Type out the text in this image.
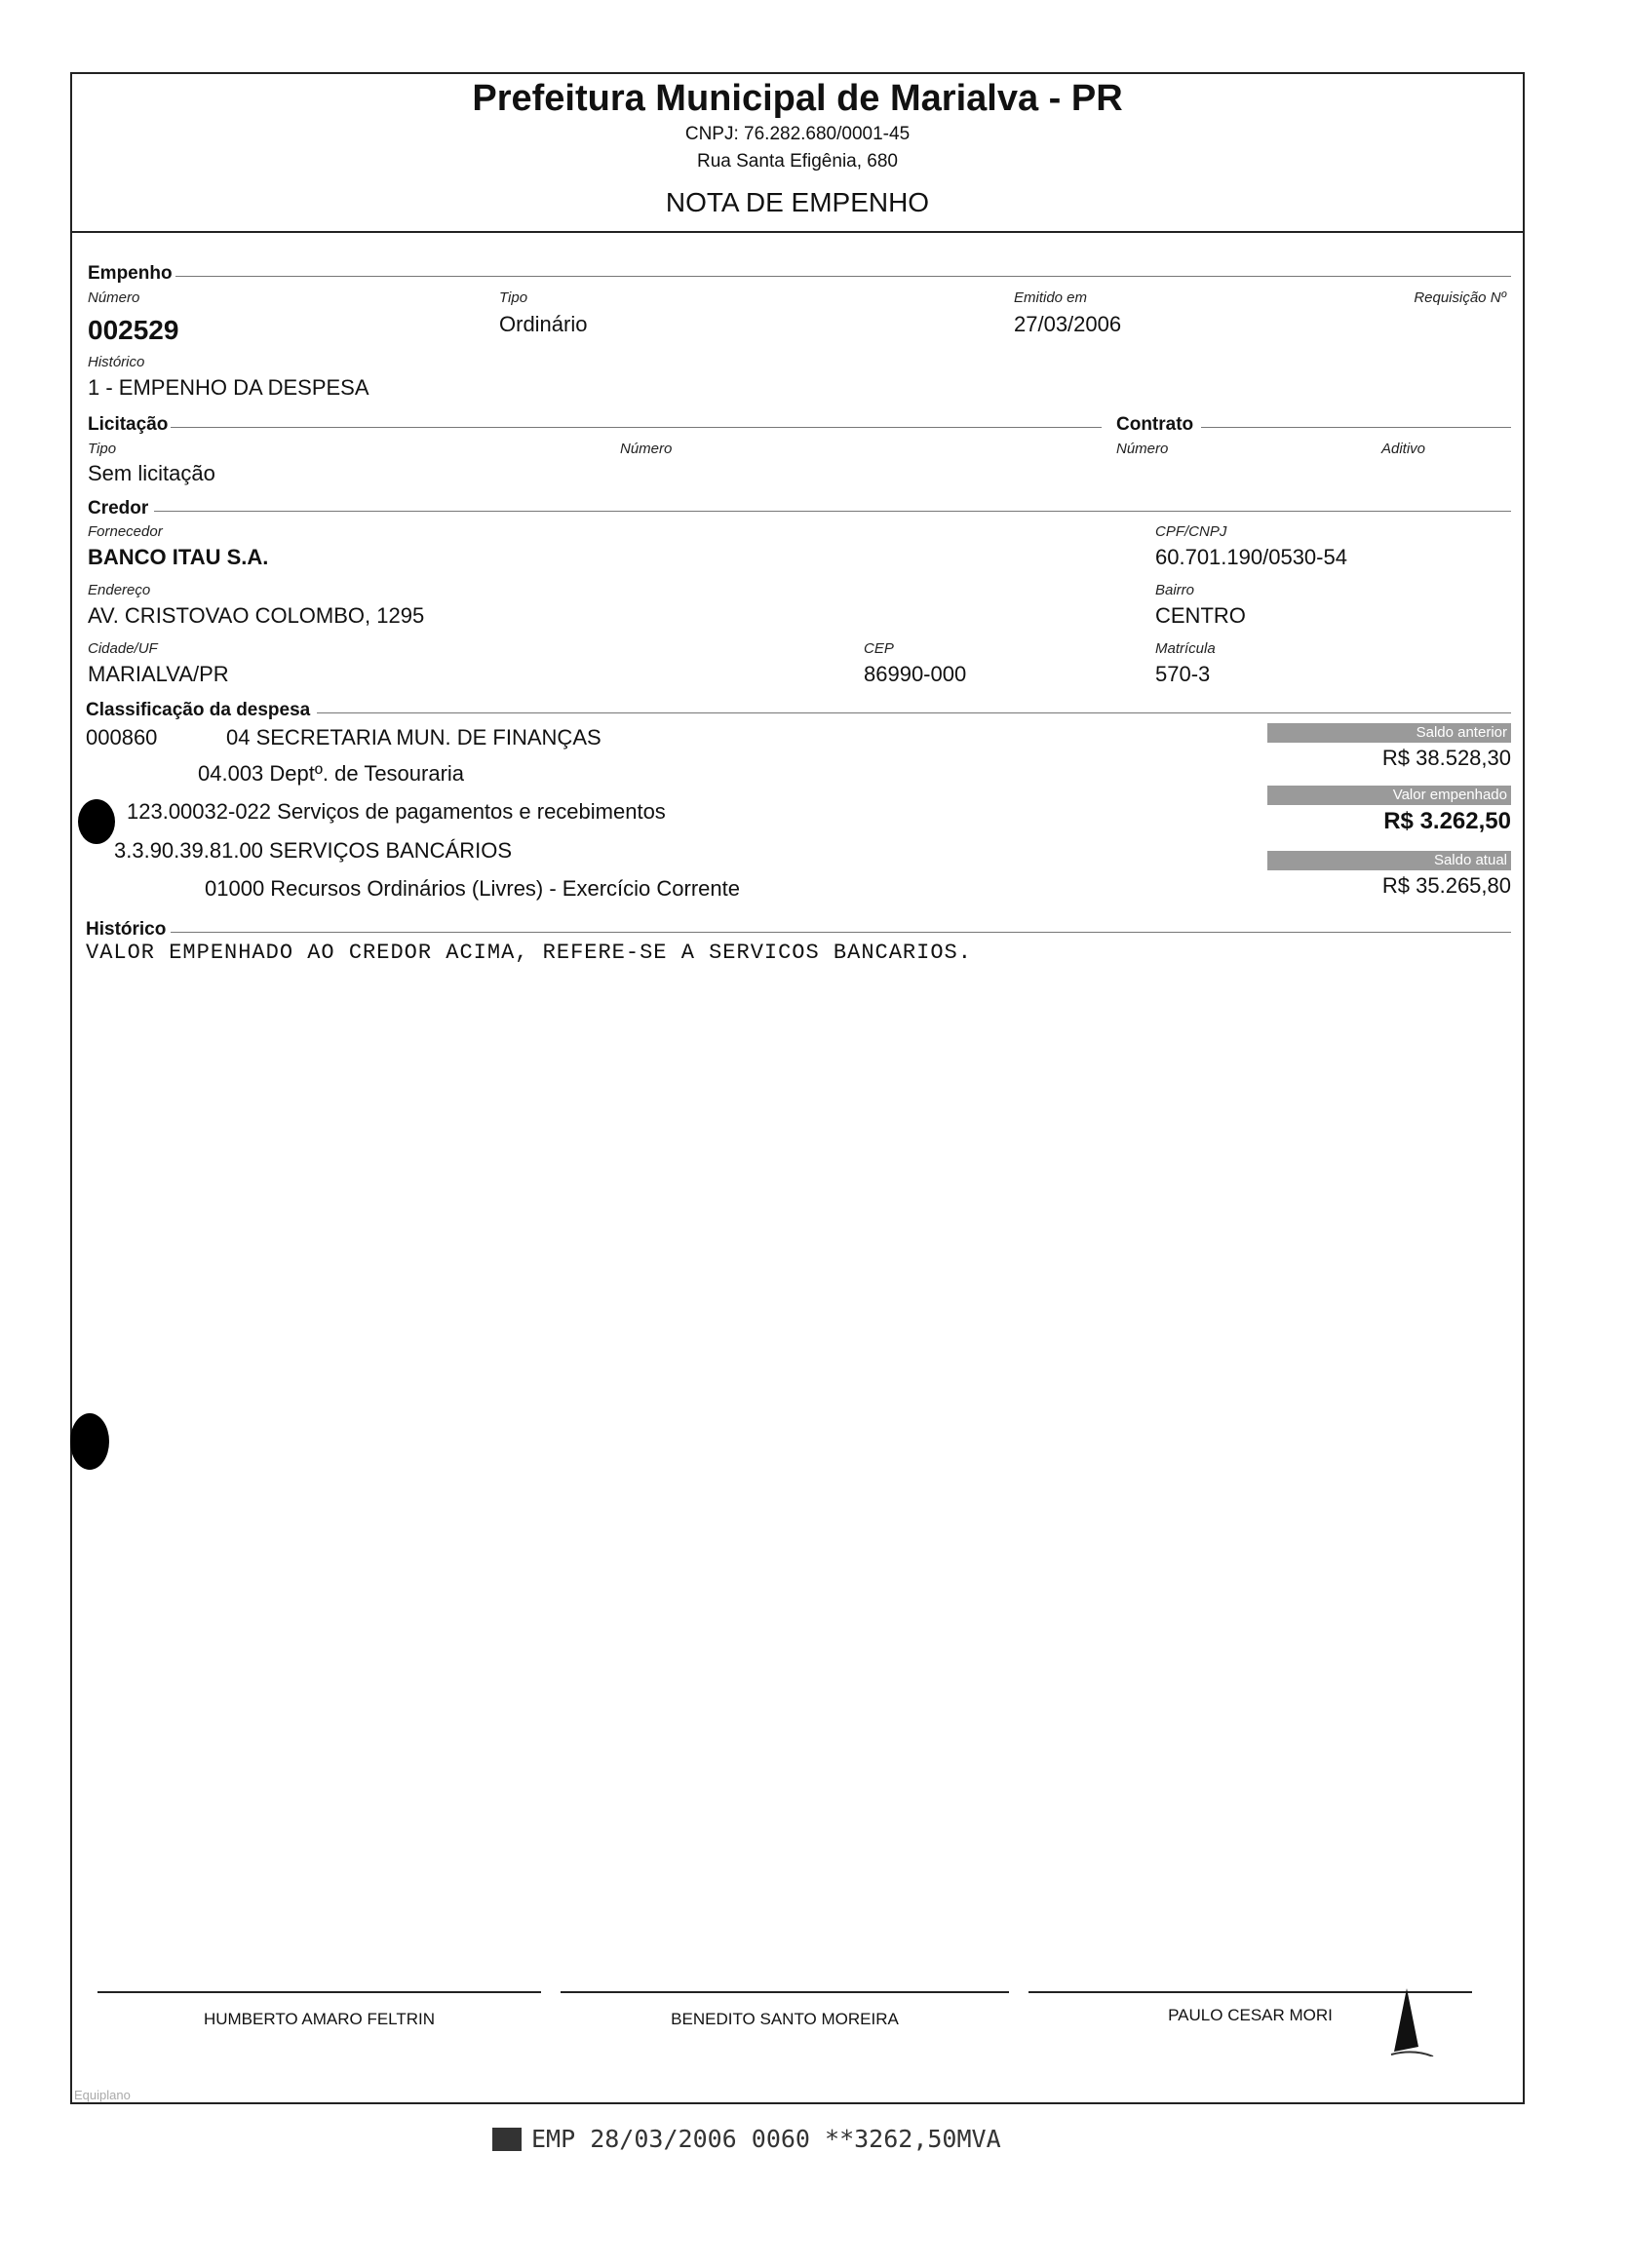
Prefeitura Municipal de Marialva - PR
CNPJ: 76.282.680/0001-45
Rua Santa Efigênia, 680
NOTA DE EMPENHO
Empenho
Número
002529
Tipo
Ordinário
Emitido em
27/03/2006
Requisição Nº
Histórico
1 - EMPENHO DA DESPESA
Licitação	Contrato
Tipo
Sem licitação
Número	Número	Aditivo
Credor
Fornecedor
BANCO ITAU S.A.
CPF/CNPJ
60.701.190/0530-54
Endereço
AV. CRISTOVAO COLOMBO, 1295
Bairro
CENTRO
Cidade/UF
MARIALVA/PR
CEP
86990-000
Matrícula
570-3
Classificação da despesa
000860	04 SECRETARIA MUN. DE FINANÇAS
04.003 Deptº. de Tesouraria
123.00032-022 Serviços de pagamentos e recebimentos
3.3.90.39.81.00 SERVIÇOS BANCÁRIOS
01000 Recursos Ordinários (Livres) - Exercício Corrente
Saldo anterior
R$ 38.528,30
Valor empenhado
R$ 3.262,50
Saldo atual
R$ 35.265,80
Histórico
VALOR EMPENHADO AO CREDOR ACIMA, REFERE-SE A SERVICOS BANCARIOS.
HUMBERTO AMARO FELTRIN	BENEDITO SANTO MOREIRA	PAULO CESAR MORI
Equiplano
EMP 28/03/2006 0060 **3262,50MVA
